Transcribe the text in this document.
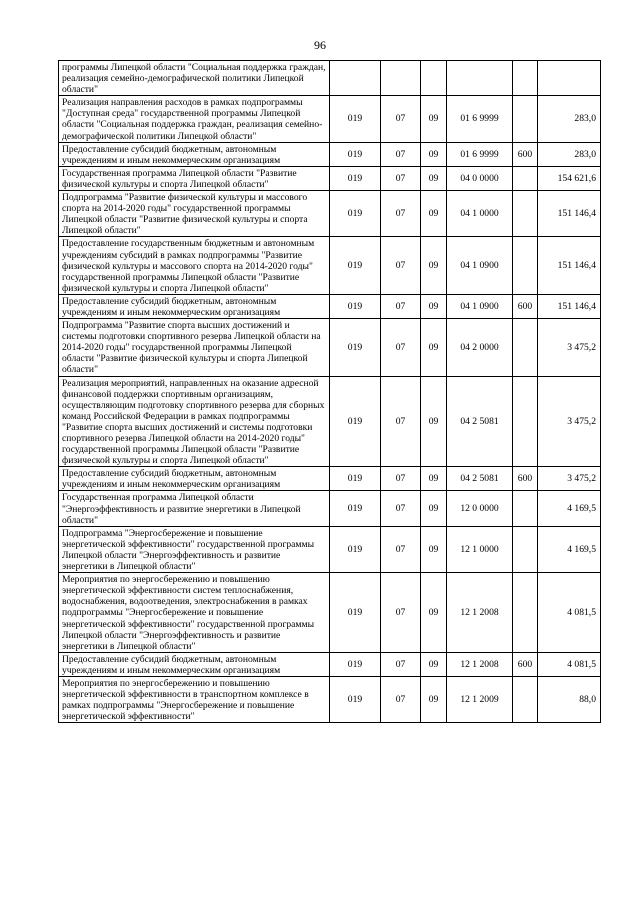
96
программы Липецкой области "Социальная поддержка граждан, реализация семейно-демографической политики Липецкой области"						
Реализация направления расходов в рамках подпрограммы "Доступная среда" государственной программы Липецкой области "Социальная поддержка граждан, реализация семейно-демографической политики Липецкой области"	019	07	09	01 6 9999		283,0
Предоставление субсидий бюджетным, автономным учреждениям и иным некоммерческим организациям	019	07	09	01 6 9999	600	283,0
Государственная программа Липецкой области "Развитие физической культуры и спорта Липецкой области"	019	07	09	04 0 0000		154 621,6
Подпрограмма "Развитие физической культуры и массового спорта на 2014-2020 годы" государственной программы Липецкой области "Развитие физической культуры и спорта Липецкой области"	019	07	09	04 1 0000		151 146,4
Предоставление государственным бюджетным и автономным учреждениям субсидий в рамках подпрограммы "Развитие физической культуры и массового спорта на 2014-2020 годы" государственной программы Липецкой области "Развитие физической культуры и спорта Липецкой области"	019	07	09	04 1 0900		151 146,4
Предоставление субсидий бюджетным, автономным учреждениям и иным некоммерческим организациям	019	07	09	04 1 0900	600	151 146,4
Подпрограмма "Развитие спорта высших достижений и системы подготовки спортивного резерва Липецкой области на 2014-2020 годы" государственной программы Липецкой области "Развитие физической культуры и спорта Липецкой области"	019	07	09	04 2 0000		3 475,2
Реализация мероприятий, направленных на оказание адресной финансовой поддержки спортивным организациям, осуществляющим подготовку спортивного резерва для сборных команд Российской Федерации в рамках подпрограммы "Развитие спорта высших достижений и системы подготовки спортивного резерва Липецкой области на 2014-2020 годы" государственной программы Липецкой области "Развитие физической культуры и спорта Липецкой области"	019	07	09	04 2 5081		3 475,2
Предоставление субсидий бюджетным, автономным учреждениям и иным некоммерческим организациям	019	07	09	04 2 5081	600	3 475,2
Государственная программа Липецкой области "Энергоэффективность и развитие энергетики в Липецкой области"	019	07	09	12 0 0000		4 169,5
Подпрограмма "Энергосбережение и повышение энергетической эффективности" государственной программы Липецкой области "Энергоэффективность и развитие энергетики в Липецкой области"	019	07	09	12 1 0000		4 169,5
Мероприятия по энергосбережению и повышению энергетической эффективности систем теплоснабжения, водоснабжения, водоотведения, электроснабжения в рамках подпрограммы "Энергосбережение и повышение энергетической эффективности" государственной программы Липецкой области "Энергоэффективность и развитие энергетики в Липецкой области"	019	07	09	12 1 2008		4 081,5
Предоставление субсидий бюджетным, автономным учреждениям и иным некоммерческим организациям	019	07	09	12 1 2008	600	4 081,5
Мероприятия по энергосбережению и повышению энергетической эффективности в транспортном комплексе в рамках подпрограммы "Энергосбережение и повышение энергетической эффективности"	019	07	09	12 1 2009		88,0
